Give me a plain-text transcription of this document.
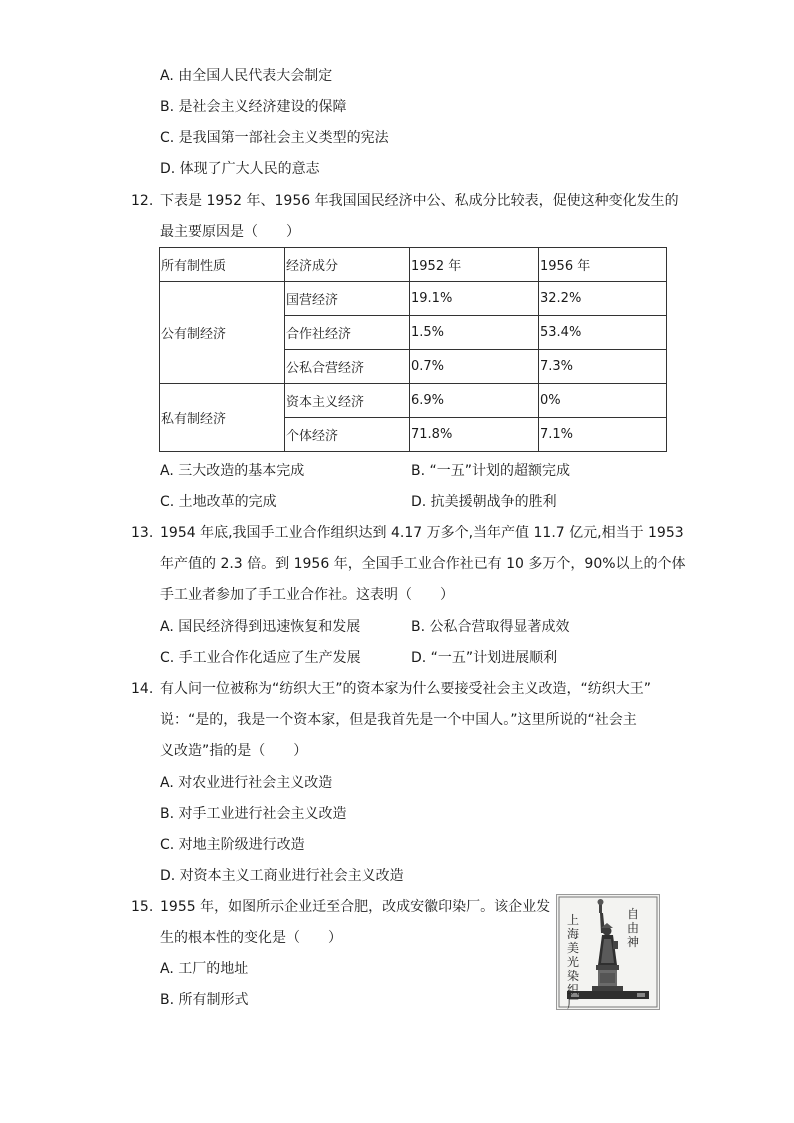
A. 由全国人民代表大会制定
B. 是社会主义经济建设的保障
C. 是我国第一部社会主义类型的宪法
D. 体现了广大人民的意志
12. 下表是 1952 年、1956 年我国国民经济中公、私成分比较表，促使这种变化发生的
最主要原因是（　　）
所有制性质	经济成分	1952 年	1956 年
公有制经济	国营经济	19.1%	32.2%
	合作社经济	1.5%	53.4%
	公私合营经济	0.7%	7.3%
私有制经济	资本主义经济	6.9%	0%
	个体经济	71.8%	7.1%
A. 三大改造的基本完成	B. “一五”计划的超额完成
C. 土地改革的完成	D. 抗美援朝战争的胜利
13. 1954 年底,我国手工业合作组织达到 4.17 万多个,当年产值 11.7 亿元,相当于 1953
年产值的 2.3 倍。到 1956 年，全国手工业合作社已有 10 多万个，90%以上的个体
手工业者参加了手工业合作社。这表明（　　）
A. 国民经济得到迅速恢复和发展	B. 公私合营取得显著成效
C. 手工业合作化适应了生产发展	D. “一五”计划进展顺利
14. 有人问一位被称为“纺织大王”的资本家为什么要接受社会主义改造，“纺织大王”
说：“是的，我是一个资本家，但是我首先是一个中国人。”这里所说的“社会主
义改造”指的是（　　）
A. 对农业进行社会主义改造
B. 对手工业进行社会主义改造
C. 对地主阶级进行改造
D. 对资本主义工商业进行社会主义改造
15. 1955 年，如图所示企业迁至合肥，改成安徽印染厂。该企业发
生的根本性的变化是（　　）
A. 工厂的地址
B. 所有制形式
自由神
上海美光染织厂
